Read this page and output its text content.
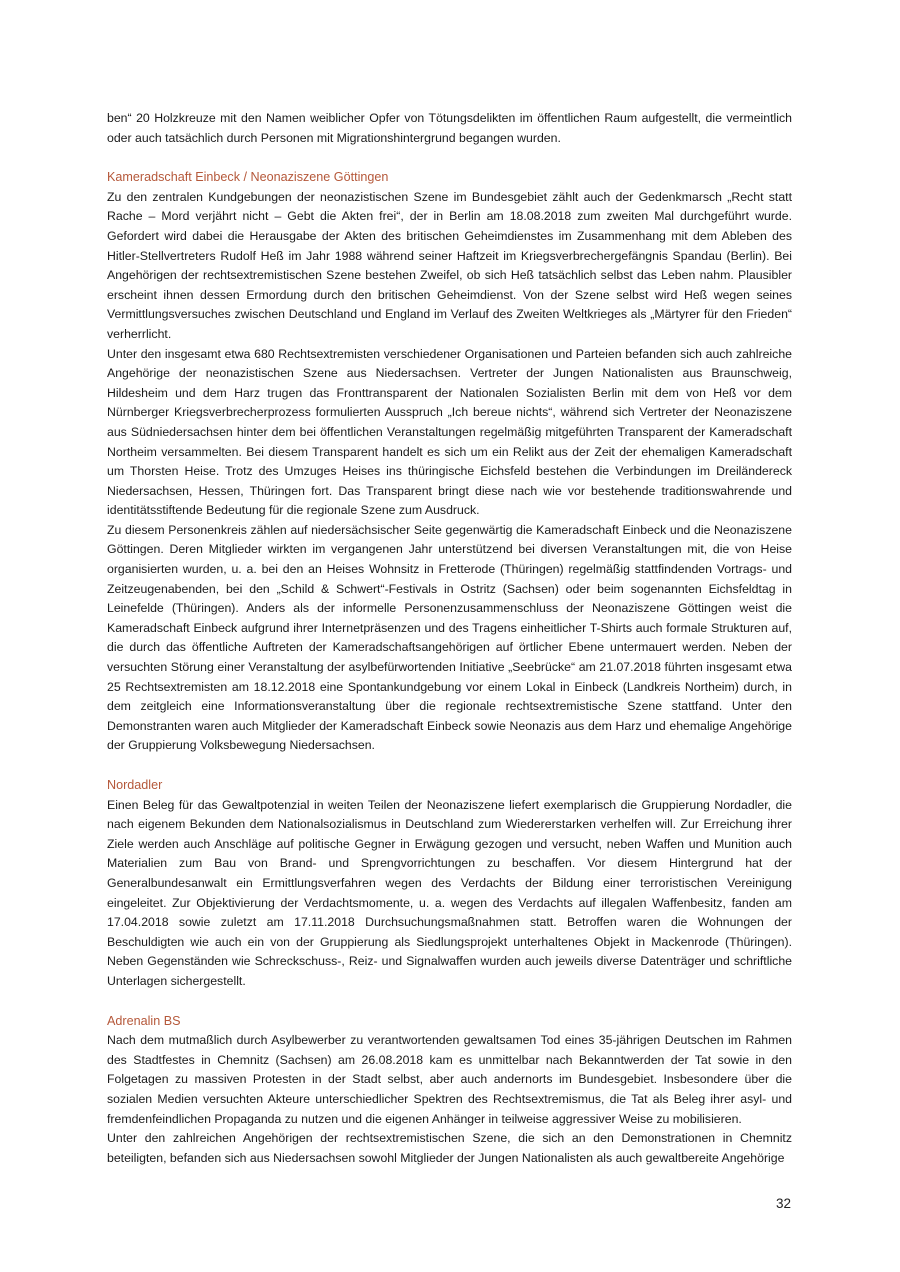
ben“ 20 Holzkreuze mit den Namen weiblicher Opfer von Tötungsdelikten im öffentlichen Raum aufgestellt, die vermeintlich oder auch tatsächlich durch Personen mit Migrationshintergrund begangen wurden.

Kameradschaft Einbeck / Neonaziszene Göttingen

Zu den zentralen Kundgebungen der neonazistischen Szene im Bundesgebiet zählt auch der Gedenkmarsch „Recht statt Rache – Mord verjährt nicht – Gebt die Akten frei“, der in Berlin am 18.08.2018 zum zweiten Mal durchgeführt wurde. Gefordert wird dabei die Herausgabe der Akten des britischen Geheimdienstes im Zusammenhang mit dem Ableben des Hitler-Stellvertreters Rudolf Heß im Jahr 1988 während seiner Haftzeit im Kriegsverbrechergefängnis Spandau (Berlin). Bei Angehörigen der rechtsextremistischen Szene bestehen Zweifel, ob sich Heß tatsächlich selbst das Leben nahm. Plausibler erscheint ihnen dessen Ermordung durch den britischen Geheimdienst. Von der Szene selbst wird Heß wegen seines Vermittlungsversuches zwischen Deutschland und England im Verlauf des Zweiten Weltkrieges als „Märtyrer für den Frieden“ verherrlicht.

Unter den insgesamt etwa 680 Rechtsextremisten verschiedener Organisationen und Parteien befanden sich auch zahlreiche Angehörige der neonazistischen Szene aus Niedersachsen. Vertreter der Jungen Nationalisten aus Braunschweig, Hildesheim und dem Harz trugen das Fronttransparent der Nationalen Sozialisten Berlin mit dem von Heß vor dem Nürnberger Kriegsverbrecherprozess formulierten Ausspruch „Ich bereue nichts“, während sich Vertreter der Neonaziszene aus Südniedersachsen hinter dem bei öffentlichen Veranstaltungen regelmäßig mitgeführten Transparent der Kameradschaft Northeim versammelten. Bei diesem Transparent handelt es sich um ein Relikt aus der Zeit der ehemaligen Kameradschaft um Thorsten Heise. Trotz des Umzuges Heises ins thüringische Eichsfeld bestehen die Verbindungen im Dreiländereck Niedersachsen, Hessen, Thüringen fort. Das Transparent bringt diese nach wie vor bestehende traditionswahrende und identitätsstiftende Bedeutung für die regionale Szene zum Ausdruck.

Zu diesem Personenkreis zählen auf niedersächsischer Seite gegenwärtig die Kameradschaft Einbeck und die Neonaziszene Göttingen. Deren Mitglieder wirkten im vergangenen Jahr unterstützend bei diversen Veranstaltungen mit, die von Heise organisierten wurden, u. a. bei den an Heises Wohnsitz in Fretterode (Thüringen) regelmäßig stattfindenden Vortrags- und Zeitzeugenabenden, bei den „Schild & Schwert“-Festivals in Ostritz (Sachsen) oder beim sogenannten Eichsfeldtag in Leinefelde (Thüringen). Anders als der informelle Personenzusammenschluss der Neonaziszene Göttingen weist die Kameradschaft Einbeck aufgrund ihrer Internetpräsenzen und des Tragens einheitlicher T-Shirts auch formale Strukturen auf, die durch das öffentliche Auftreten der Kameradschaftsangehörigen auf örtlicher Ebene untermauert werden. Neben der versuchten Störung einer Veranstaltung der asylbefürwortenden Initiative „Seebrücke“ am 21.07.2018 führten insgesamt etwa 25 Rechtsextremisten am 18.12.2018 eine Spontankundgebung vor einem Lokal in Einbeck (Landkreis Northeim) durch, in dem zeitgleich eine Informationsveranstaltung über die regionale rechtsextremistische Szene stattfand. Unter den Demonstranten waren auch Mitglieder der Kameradschaft Einbeck sowie Neonazis aus dem Harz und ehemalige Angehörige der Gruppierung Volksbewegung Niedersachsen.

Nordadler

Einen Beleg für das Gewaltpotenzial in weiten Teilen der Neonaziszene liefert exemplarisch die Gruppierung Nordadler, die nach eigenem Bekunden dem Nationalsozialismus in Deutschland zum Wiedererstarken verhelfen will. Zur Erreichung ihrer Ziele werden auch Anschläge auf politische Gegner in Erwägung gezogen und versucht, neben Waffen und Munition auch Materialien zum Bau von Brand- und Sprengvorrichtungen zu beschaffen. Vor diesem Hintergrund hat der Generalbundesanwalt ein Ermittlungsverfahren wegen des Verdachts der Bildung einer terroristischen Vereinigung eingeleitet. Zur Objektivierung der Verdachtsmomente, u. a. wegen des Verdachts auf illegalen Waffenbesitz, fanden am 17.04.2018 sowie zuletzt am 17.11.2018 Durchsuchungsmaßnahmen statt. Betroffen waren die Wohnungen der Beschuldigten wie auch ein von der Gruppierung als Siedlungsprojekt unterhaltenes Objekt in Mackenrode (Thüringen). Neben Gegenständen wie Schreckschuss-, Reiz- und Signalwaffen wurden auch jeweils diverse Datenträger und schriftliche Unterlagen sichergestellt.

Adrenalin BS

Nach dem mutmaßlich durch Asylbewerber zu verantwortenden gewaltsamen Tod eines 35-jährigen Deutschen im Rahmen des Stadtfestes in Chemnitz (Sachsen) am 26.08.2018 kam es unmittelbar nach Bekanntwerden der Tat sowie in den Folgetagen zu massiven Protesten in der Stadt selbst, aber auch andernorts im Bundesgebiet. Insbesondere über die sozialen Medien versuchten Akteure unterschiedlicher Spektren des Rechtsextremismus, die Tat als Beleg ihrer asyl- und fremdenfeindlichen Propaganda zu nutzen und die eigenen Anhänger in teilweise aggressiver Weise zu mobilisieren.

Unter den zahlreichen Angehörigen der rechtsextremistischen Szene, die sich an den Demonstrationen in Chemnitz beteiligten, befanden sich aus Niedersachsen sowohl Mitglieder der Jungen Nationalisten als auch gewaltbereite Angehörige

32
